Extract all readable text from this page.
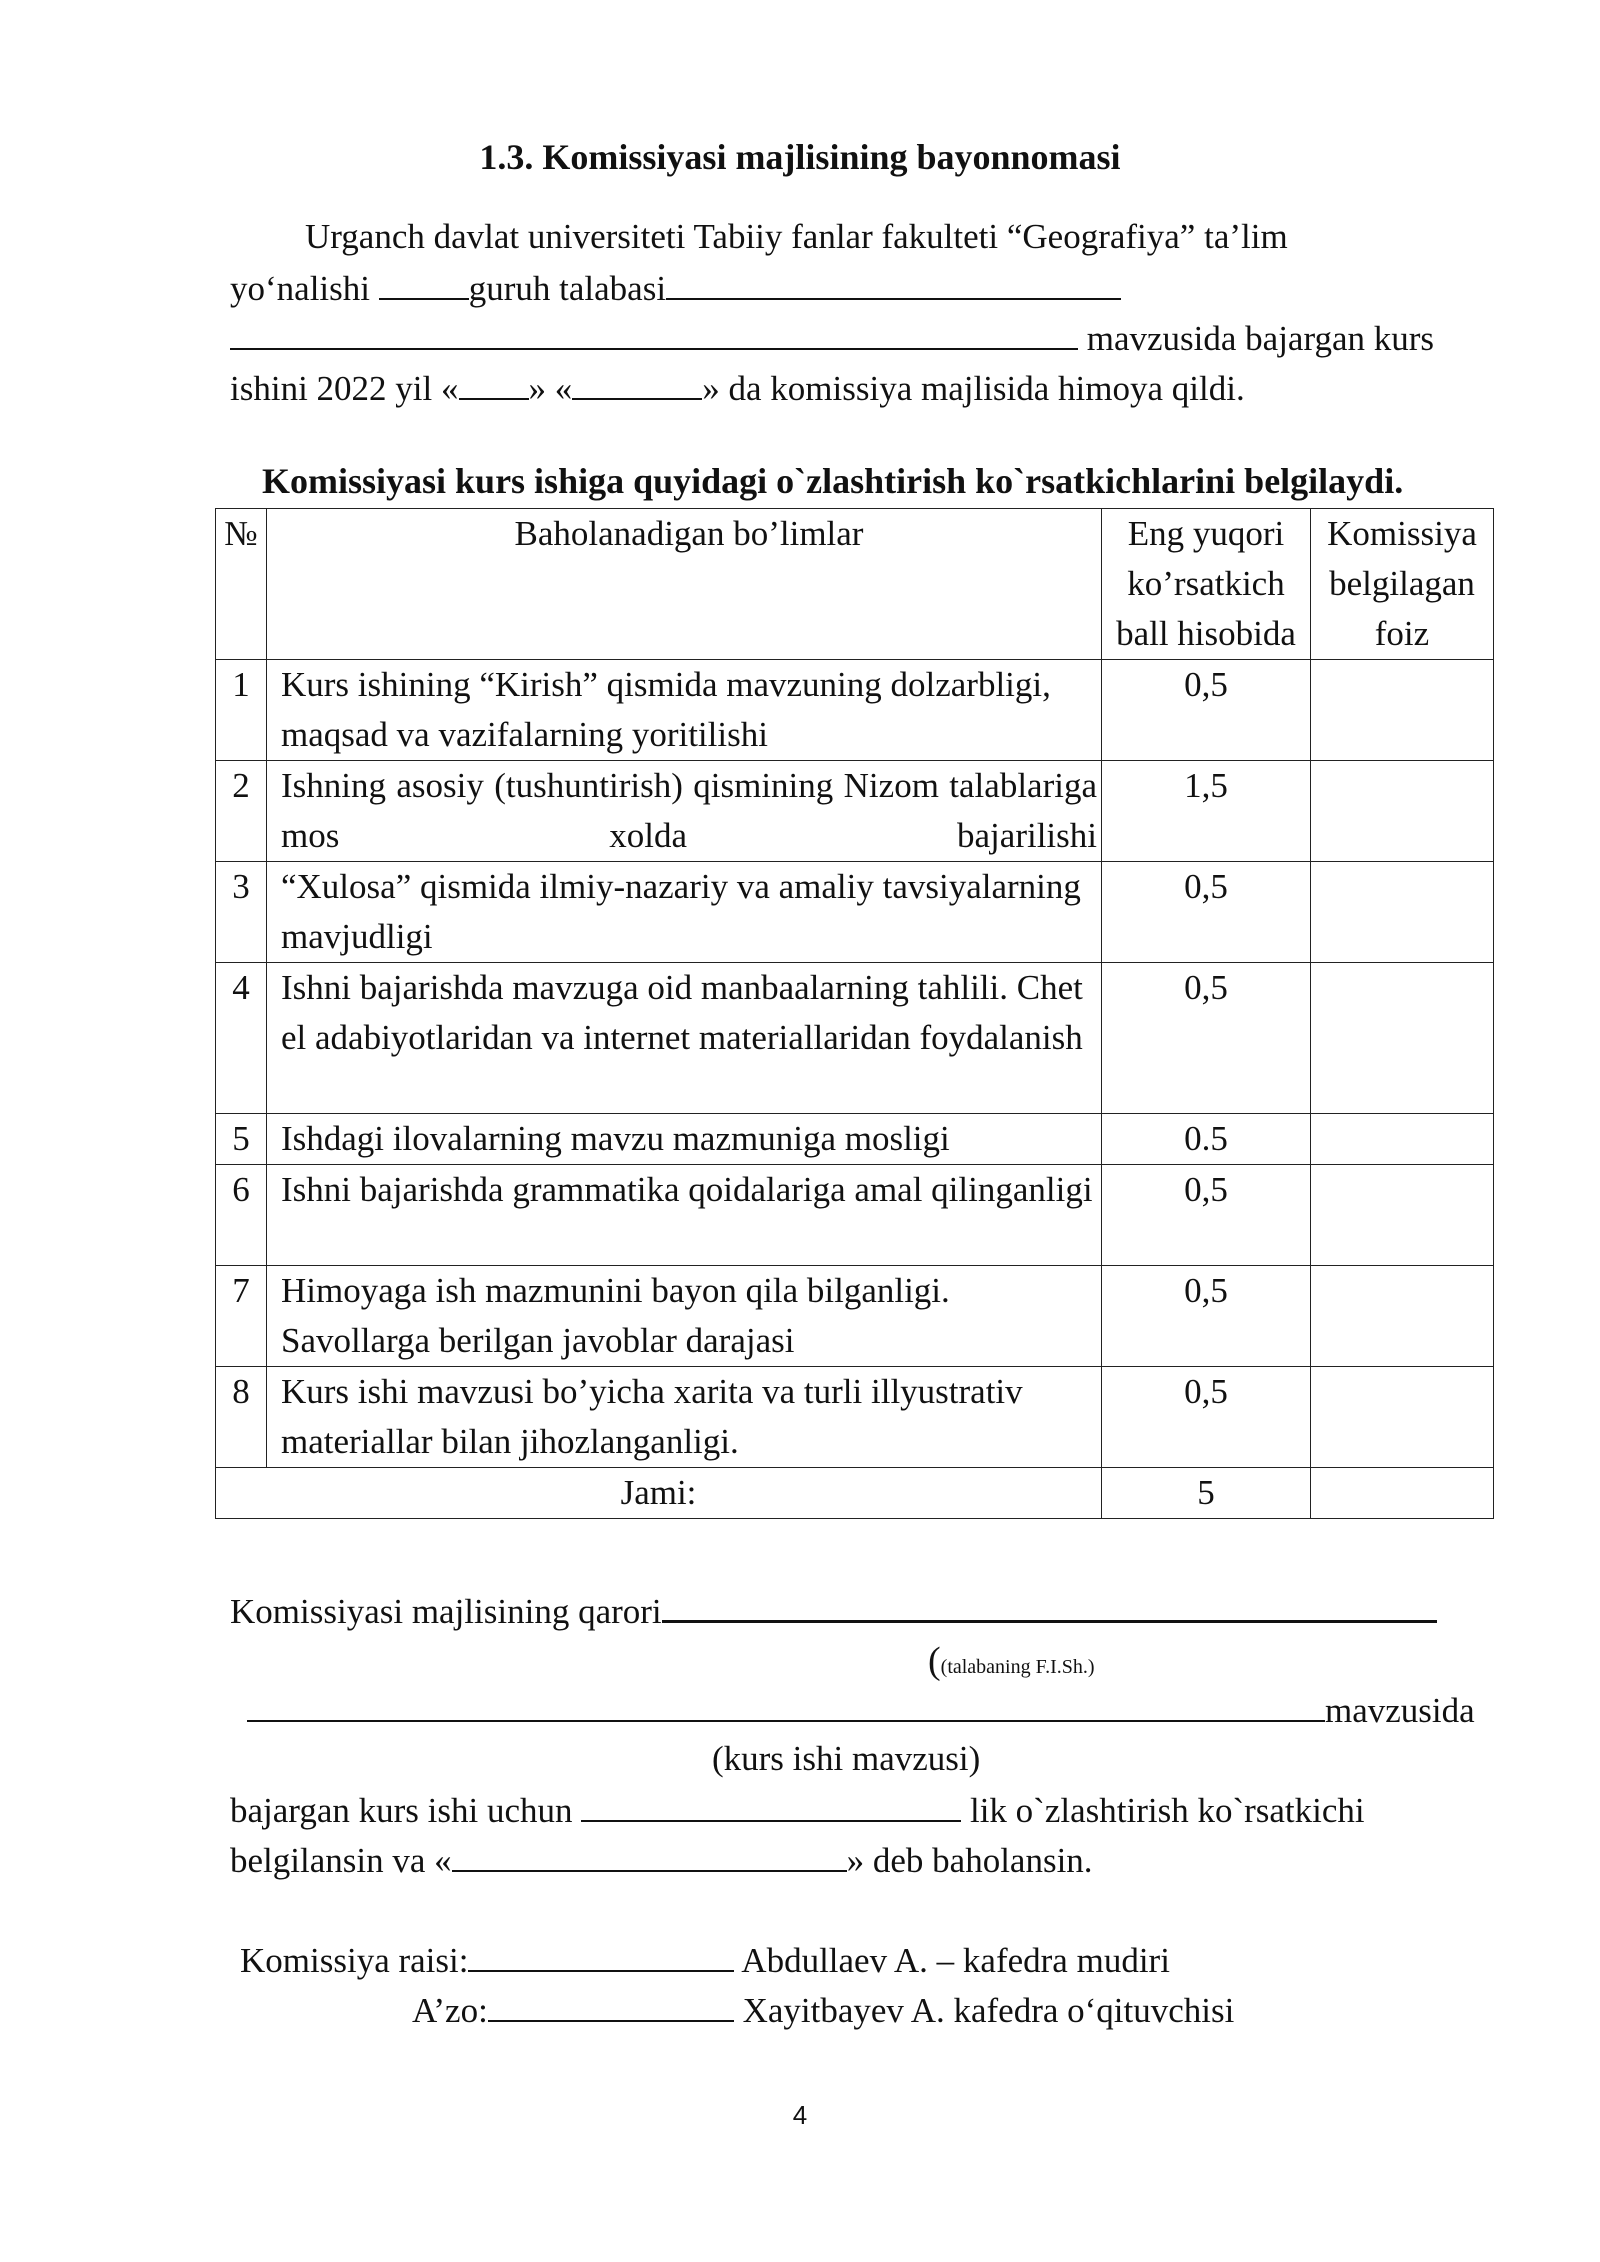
1.3. Komissiyasi majlisining bayonnomasi
Urganch davlat universiteti Tabiiy fanlar fakulteti “Geografiya” ta’lim
yo‘nalishi	guruh talabasi
mavzusida bajargan kurs
ishini 2022 yil « » «	» da komissiya majlisida himoya qildi.
Komissiyasi kurs ishiga quyidagi o`zlashtirish ko`rsatkichlarini belgilaydi.
№	Baholanadigan bo’limlar	Eng yuqori ko’rsatkich ball hisobida	Komissiya belgilagan foiz

1	Kurs ishining “Kirish” qismida mavzuning dolzarbligi, maqsad va vazifalarning yoritilishi	0,5	
2	Ishning asosiy (tushuntirish) qismining Nizom talablariga mos xolda bajarilishi	1,5	
3	“Xulosa” qismida ilmiy-nazariy va amaliy tavsiyalarning mavjudligi	0,5	
4	Ishni bajarishda mavzuga oid manbaalarning tahlili. Chet el adabiyotlaridan va internet materiallaridan foydalanish	0,5	
5	Ishdagi ilovalarning mavzu mazmuniga mosligi	0.5	
6	Ishni bajarishda grammatika qoidalariga amal qilinganligi	0,5	
7	Himoyaga ish mazmunini bayon qila bilganligi. Savollarga berilgan javoblar darajasi	0,5	
8	Kurs ishi mavzusi bo’yicha xarita va turli illyustrativ materiallar bilan jihozlanganligi.	0,5	
Jami:		5	
Komissiyasi majlisining qarori
((talabaning F.I.Sh.)
mavzusida
(kurs ishi mavzusi)
bajargan kurs ishi uchun	lik o`zlashtirish ko`rsatkichi
belgilansin va «	» deb baholansin.
Komissiya raisi:	Abdullaev A. – kafedra mudiri
A’zo:	Xayitbayev A. kafedra o‘qituvchisi
4
